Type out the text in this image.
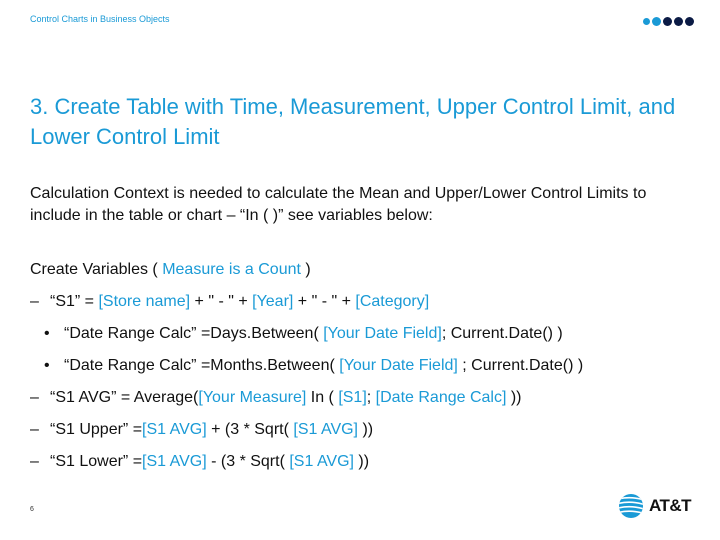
Control Charts in Business Objects
3. Create Table with Time, Measurement, Upper Control Limit, and Lower Control Limit
Calculation Context is needed to calculate the Mean and Upper/Lower Control Limits to include in the table or chart – “In ( )” see variables below:
Create Variables ( Measure is a Count )
– “S1” = [Store name] + " - " + [Year] + " - " + [Category]
• “Date Range Calc” =Days.Between( [Your Date Field]; Current.Date() )
• “Date Range Calc” =Months.Between( [Your Date Field] ; Current.Date() )
– “S1 AVG” = Average([Your Measure] In ( [S1]; [Date Range Calc] ))
– “S1 Upper” =[S1 AVG] + (3 * Sqrt( [S1 AVG] ))
– “S1 Lower” =[S1 AVG] - (3 * Sqrt( [S1 AVG] ))
6	AT&T
